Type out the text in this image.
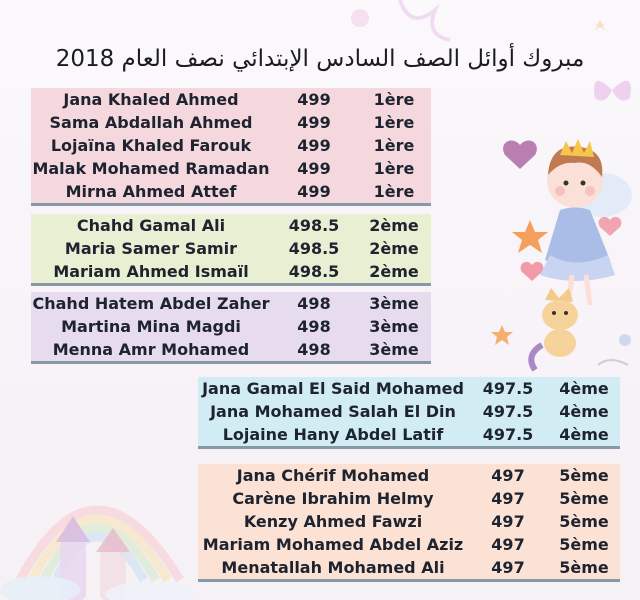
مبروك أوائل الصف السادس الإبتدائي نصف العام 2018
Jana Khaled Ahmed	499	1ère
Sama Abdallah Ahmed	499	1ère
Lojaïna Khaled Farouk	499	1ère
Malak Mohamed Ramadan	499	1ère
Mirna Ahmed Attef	499	1ère
Chahd Gamal Ali	498.5	2ème
Maria Samer Samir	498.5	2ème
Mariam Ahmed Ismaïl	498.5	2ème
Chahd Hatem Abdel Zaher	498	3ème
Martina Mina Magdi	498	3ème
Menna Amr Mohamed	498	3ème
Jana Gamal El Said Mohamed	497.5	4ème
Jana Mohamed Salah El Din	497.5	4ème
Lojaine Hany Abdel Latif	497.5	4ème
Jana Chérif Mohamed	497	5ème
Carène Ibrahim Helmy	497	5ème
Kenzy Ahmed Fawzi	497	5ème
Mariam Mohamed Abdel Aziz	497	5ème
Menatallah Mohamed Ali	497	5ème
